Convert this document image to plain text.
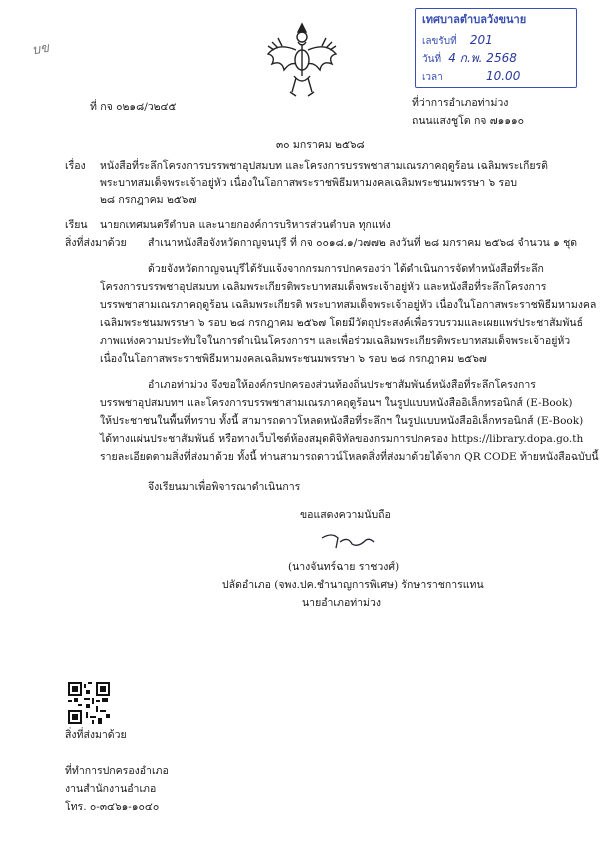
บข
เทศบาลตำบลวังขนาย
เลขรับที่ 201
วันที่ 4 ก.พ. 2568
เวลา	10.00
ที่ กจ ๐๒๑๘/ว๒๔๕	ที่ว่าการอำเภอท่าม่วง
ถนนแสงชูโต กจ ๗๑๑๑๐
๓๐ มกราคม ๒๕๖๘
เรื่อง หนังสือที่ระลึกโครงการบรรพชาอุปสมบท และโครงการบรรพชาสามเณรภาคฤดูร้อน เฉลิมพระเกียรติ
พระบาทสมเด็จพระเจ้าอยู่หัว เนื่องในโอกาสพระราชพิธีมหามงคลเฉลิมพระชนมพรรษา ๖ รอบ
๒๘ กรกฎาคม ๒๕๖๗
เรียน นายกเทศมนตรีตำบล และนายกองค์การบริหารส่วนตำบล ทุกแห่ง
สิ่งที่ส่งมาด้วย สำเนาหนังสือจังหวัดกาญจนบุรี ที่ กจ ๐๐๑๘.๑/ว๗๗๒ ลงวันที่ ๒๘ มกราคม ๒๕๖๘ จำนวน ๑ ชุด
ด้วยจังหวัดกาญจนบุรีได้รับแจ้งจากกรมการปกครองว่า ได้ดำเนินการจัดทำหนังสือที่ระลึก
โครงการบรรพชาอุปสมบท เฉลิมพระเกียรติพระบาทสมเด็จพระเจ้าอยู่หัว และหนังสือที่ระลึกโครงการ
บรรพชาสามเณรภาคฤดูร้อน เฉลิมพระเกียรติ พระบาทสมเด็จพระเจ้าอยู่หัว เนื่องในโอกาสพระราชพิธีมหามงคล
เฉลิมพระชนมพรรษา ๖ รอบ ๒๘ กรกฎาคม ๒๕๖๗ โดยมีวัตถุประสงค์เพื่อรวบรวมและเผยแพร่ประชาสัมพันธ์
ภาพแห่งความประทับใจในการดำเนินโครงการฯ และเพื่อร่วมเฉลิมพระเกียรติพระบาทสมเด็จพระเจ้าอยู่หัว
เนื่องในโอกาสพระราชพิธีมหามงคลเฉลิมพระชนมพรรษา ๖ รอบ ๒๘ กรกฎาคม ๒๕๖๗
อำเภอท่าม่วง จึงขอให้องค์กรปกครองส่วนท้องถิ่นประชาสัมพันธ์หนังสือที่ระลึกโครงการ
บรรพชาอุปสมบทฯ และโครงการบรรพชาสามเณรภาคฤดูร้อนฯ ในรูปแบบหนังสืออิเล็กทรอนิกส์ (E-Book)
ให้ประชาชนในพื้นที่ทราบ ทั้งนี้ สามารถดาวโหลดหนังสือที่ระลึกฯ ในรูปแบบหนังสืออิเล็กทรอนิกส์ (E-Book)
ได้ทางแผ่นประชาสัมพันธ์ หรือทางเว็บไซต์ห้องสมุดดิจิทัลของกรมการปกครอง https://library.dopa.go.th
รายละเอียดตามสิ่งที่ส่งมาด้วย ทั้งนี้ ท่านสามารถดาวน์โหลดสิ่งที่ส่งมาด้วยได้จาก QR CODE ท้ายหนังสือฉบับนี้
จึงเรียนมาเพื่อพิจารณาดำเนินการ
ขอแสดงความนับถือ
(นางจันทร์ฉาย ราชวงศ์)
ปลัดอำเภอ (จพง.ปค.ชำนาญการพิเศษ) รักษาราชการแทน
นายอำเภอท่าม่วง
สิ่งที่ส่งมาด้วย
ที่ทำการปกครองอำเภอ
งานสำนักงานอำเภอ
โทร. ๐-๓๔๖๑-๑๐๔๐
